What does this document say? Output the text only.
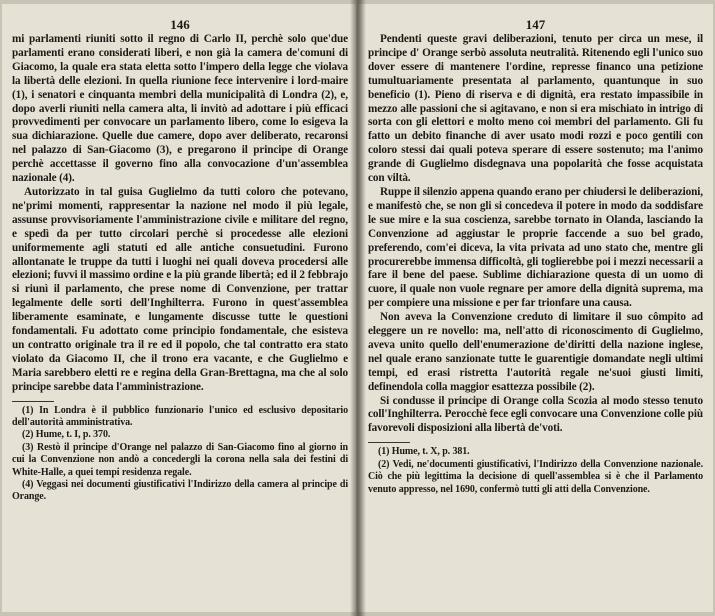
146

mi parlamenti riuniti sotto il regno di Carlo II, perchè solo que'due parlamenti erano considerati liberi, e non già la camera de'comuni di Giacomo, la quale era stata eletta sotto l'impero della legge che violava la libertà delle elezioni. In quella riunione fece intervenire i lord-maire (1), i senatori e cinquanta membri della municipalità di Londra (2), e, dopo averli riuniti nella camera alta, li invitò ad adottare i più efficaci provvedimenti per convocare un parlamento libero, come lo esigeva la sua dichiarazione. Quelle due camere, dopo aver deliberato, recaronsi nel palazzo di San-Giacomo (3), e pregarono il principe di Orange perchè accettasse il governo fino alla convocazione d'un'assemblea nazionale (4).

Autorizzato in tal guisa Guglielmo da tutti coloro che potevano, ne'primi momenti, rappresentar la nazione nel modo il più legale, assunse provvisoriamente l'amministrazione civile e militare del regno, e spedì da per tutto circolari perchè si procedesse alle elezioni uniformemente agli statuti ed alle antiche consuetudini. Furono allontanate le truppe da tutti i luoghi nei quali doveva procedersi alle elezioni; fuvvi il massimo ordine e la più grande libertà; ed il 2 febbrajo si riunì il parlamento, che prese nome di Convenzione, per trattar legalmente delle sorti dell'Inghilterra. Furono in quest'assemblea liberamente esaminate, e lungamente discusse tutte le questioni fondamentali. Fu adottato come principio fondamentale, che esisteva un contratto originale tra il re ed il popolo, che tal contratto era stato violato da Giacomo II, che il trono era vacante, e che Guglielmo e Maria sarebbero eletti re e regina della Gran-Brettagna, ma che al solo principe sarebbe data l'amministrazione.

(1) In Londra è il pubblico funzionario l'unico ed esclusivo depositario dell'autorità amministrativa.

(2) Hume, t. I, p. 370.

(3) Restò il principe d'Orange nel palazzo di San-Giacomo fino al giorno in cui la Convenzione non andò a concedergli la corona nella sala dei festini di White-Halle, a quei tempi residenza regale.

(4) Veggasi nei documenti giustificativi l'Indirizzo della camera al principe di Orange.

147

Pendenti queste gravi deliberazioni, tenuto per circa un mese, il principe d' Orange serbò assoluta neutralità. Ritenendo egli l'unico suo dover essere di mantenere l'ordine, represse financo una petizione tumultuariamente presentata al parlamento, quantunque in suo beneficio (1). Pieno di riserva e di dignità, era restato impassibile in mezzo alle passioni che si agitavano, e non si era mischiato in intrigo di sorta con gli elettori e molto meno coi membri del parlamento. Gli fu fatto un debito finanche di aver usato modi rozzi e poco gentili con coloro stessi dai quali poteva sperare di essere sostenuto; ma l'animo grande di Guglielmo disdegnava una popolarità che fosse acquistata con viltà.

Ruppe il silenzio appena quando erano per chiudersi le deliberazioni, e manifestò che, se non gli si concedeva il potere in modo da soddisfare le sue mire e la sua coscienza, sarebbe tornato in Olanda, lasciando la Convenzione ad aggiustar le proprie faccende a suo bel grado, preferendo, com'ei diceva, la vita privata ad uno stato che, mentre gli procurerebbe immensa difficoltà, gli toglierebbe poi i mezzi necessarii a fare il bene del paese. Sublime dichiarazione questa di un uomo di cuore, il quale non vuole regnare per amore della dignità suprema, ma per compiere una missione e per far trionfare una causa.

Non aveva la Convenzione creduto di limitare il suo cômpito ad eleggere un re novello: ma, nell'atto di riconoscimento di Guglielmo, aveva unito quello dell'enumerazione de'diritti della nazione inglese, nel quale erano sanzionate tutte le guarentigie domandate negli ultimi tempi, ed erasi ristretta l'autorità regale ne'suoi giusti limiti, definendola colla maggior esattezza possibile (2).

Si condusse il principe di Orange colla Scozia al modo stesso tenuto coll'Inghilterra. Perocchè fece egli convocare una Convenzione colle più favorevoli disposizioni alla libertà de'voti.

(1) Hume, t. X, p. 381.

(2) Vedi, ne'documenti giustificativi, l'Indirizzo della Convenzione nazionale. Ciò che più legittima la decisione di quell'assemblea si è che il Parlamento venuto appresso, nel 1690, confermò tutti gli atti della Convenzione.
